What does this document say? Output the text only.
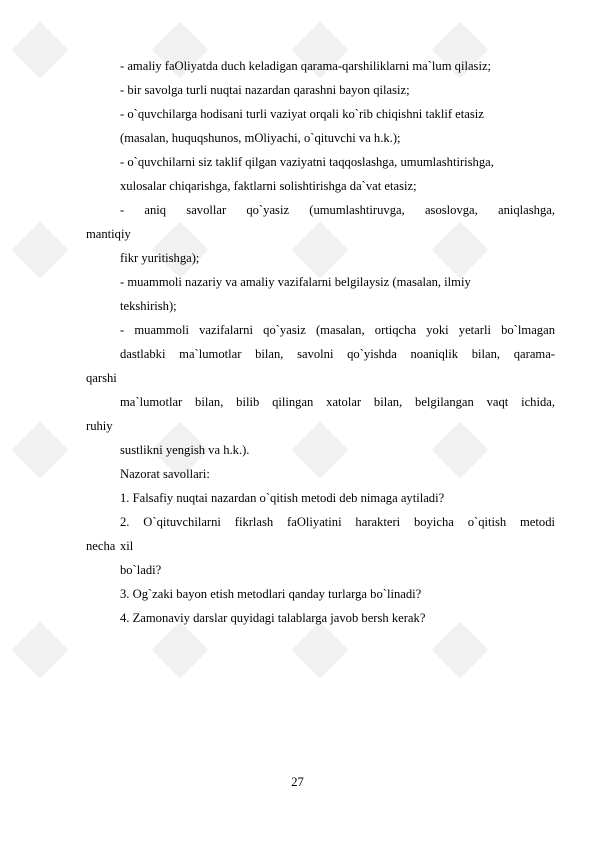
- amaliy faOliyatda duch keladigan qarama-qarshiliklarni ma`lum qilasiz;
- bir savolga turli nuqtai nazardan qarashni bayon qilasiz;
- o`quvchilarga hodisani turli vaziyat orqali ko`rib chiqishni taklif etasiz
(masalan, huquqshunos, mOliyachi, o`qituvchi va h.k.);
- o`quvchilarni siz taklif qilgan vaziyatni taqqoslashga, umumlashtirishga,
xulosalar chiqarishga, faktlarni solishtirishga da`vat etasiz;
- aniq savollar qo`yasiz (umumlashtiruvga, asoslovga, aniqlashga,
mantiqiy
fikr yuritishga);
- muammoli nazariy va amaliy vazifalarni belgilaysiz (masalan, ilmiy
tekshirish);
- muammoli vazifalarni qo`yasiz (masalan, ortiqcha yoki yetarli bo`lmagan
dastlabki ma`lumotlar bilan, savolni qo`yishda noaniqlik bilan, qarama-
qarshi
ma`lumotlar bilan, bilib qilingan xatolar bilan, belgilangan vaqt ichida,
ruhiy
sustlikni yengish va h.k.).
Nazorat savollari:
1. Falsafiy nuqtai nazardan o`qitish metodi deb nimaga aytiladi?
2. O`qituvchilarni fikrlash faOliyatini harakteri boyicha o`qitish metodi
necha xil
bo`ladi?
3. Og`zaki bayon etish metodlari qanday turlarga bo`linadi?
4. Zamonaviy darslar quyidagi talablarga javob bersh kerak?
27
